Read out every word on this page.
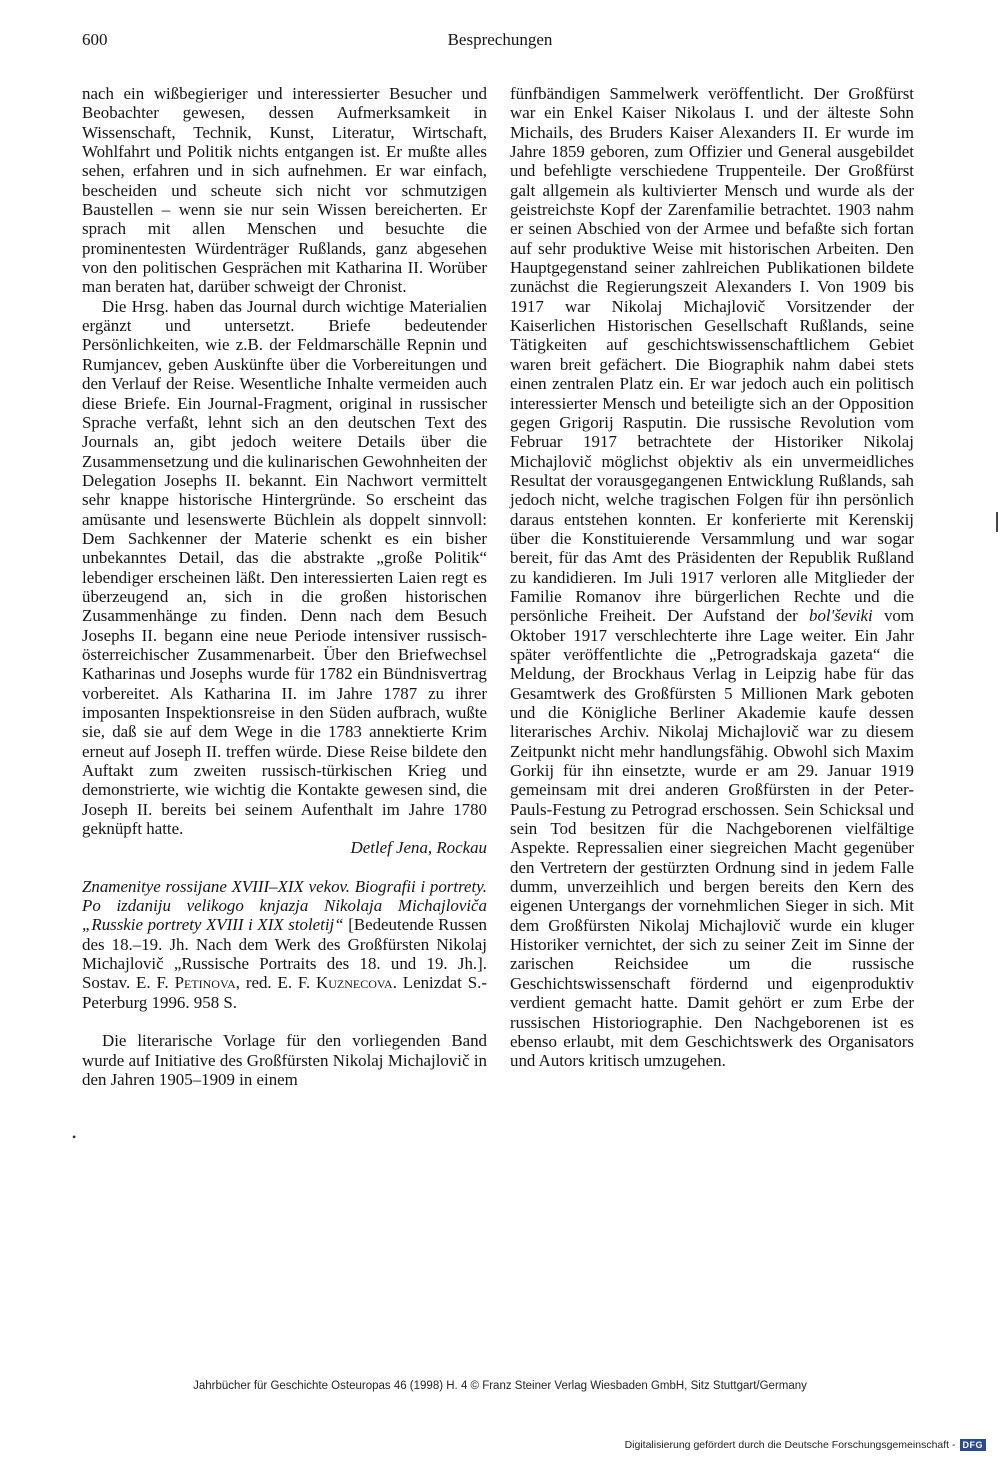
600	Besprechungen

nach ein wißbegieriger und interessierter Besucher und Beobachter gewesen, dessen Aufmerksamkeit in Wissenschaft, Technik, Kunst, Literatur, Wirtschaft, Wohlfahrt und Politik nichts entgangen ist. Er mußte alles sehen, erfahren und in sich aufnehmen. Er war einfach, bescheiden und scheute sich nicht vor schmutzigen Baustellen – wenn sie nur sein Wissen bereicherten. Er sprach mit allen Menschen und besuchte die prominentesten Würdenträger Rußlands, ganz abgesehen von den politischen Gesprächen mit Katharina II. Worüber man beraten hat, darüber schweigt der Chronist.

Die Hrsg. haben das Journal durch wichtige Materialien ergänzt und untersetzt. Briefe bedeutender Persönlichkeiten, wie z.B. der Feldmarschälle Repnin und Rumjancev, geben Auskünfte über die Vorbereitungen und den Verlauf der Reise. Wesentliche Inhalte vermeiden auch diese Briefe. Ein Journal-Fragment, original in russischer Sprache verfaßt, lehnt sich an den deutschen Text des Journals an, gibt jedoch weitere Details über die Zusammensetzung und die kulinarischen Gewohnheiten der Delegation Josephs II. bekannt. Ein Nachwort vermittelt sehr knappe historische Hintergründe. So erscheint das amüsante und lesenswerte Büchlein als doppelt sinnvoll: Dem Sachkenner der Materie schenkt es ein bisher unbekanntes Detail, das die abstrakte „große Politik“ lebendiger erscheinen läßt. Den interessierten Laien regt es überzeugend an, sich in die großen historischen Zusammenhänge zu finden. Denn nach dem Besuch Josephs II. begann eine neue Periode intensiver russisch-österreichischer Zusammenarbeit. Über den Briefwechsel Katharinas und Josephs wurde für 1782 ein Bündnisvertrag vorbereitet. Als Katharina II. im Jahre 1787 zu ihrer imposanten Inspektionsreise in den Süden aufbrach, wußte sie, daß sie auf dem Wege in die 1783 annektierte Krim erneut auf Joseph II. treffen würde. Diese Reise bildete den Auftakt zum zweiten russisch-türkischen Krieg und demonstrierte, wie wichtig die Kontakte gewesen sind, die Joseph II. bereits bei seinem Aufenthalt im Jahre 1780 geknüpft hatte.

Detlef Jena, Rockau

Znamenitye rossijane XVIII–XIX vekov. Biografii i portrety. Po izdaniju velikogo knjazja Nikolaja Michajloviča „Russkie portrety XVIII i XIX stoletij“ [Bedeutende Russen des 18.–19. Jh. Nach dem Werk des Großfürsten Nikolaj Michajlovič „Russische Portraits des 18. und 19. Jh.]. Sostav. E. F. Petinova, red. E. F. Kuznecova. Lenizdat S.-Peterburg 1996. 958 S.

Die literarische Vorlage für den vorliegenden Band wurde auf Initiative des Großfürsten Nikolaj Michajlovič in den Jahren 1905–1909 in einem

fünfbändigen Sammelwerk veröffentlicht. Der Großfürst war ein Enkel Kaiser Nikolaus I. und der älteste Sohn Michails, des Bruders Kaiser Alexanders II. Er wurde im Jahre 1859 geboren, zum Offizier und General ausgebildet und befehligte verschiedene Truppenteile. Der Großfürst galt allgemein als kultivierter Mensch und wurde als der geistreichste Kopf der Zarenfamilie betrachtet. 1903 nahm er seinen Abschied von der Armee und befaßte sich fortan auf sehr produktive Weise mit historischen Arbeiten. Den Hauptgegenstand seiner zahlreichen Publikationen bildete zunächst die Regierungszeit Alexanders I. Von 1909 bis 1917 war Nikolaj Michajlovič Vorsitzender der Kaiserlichen Historischen Gesellschaft Rußlands, seine Tätigkeiten auf geschichtswissenschaftlichem Gebiet waren breit gefächert. Die Biographik nahm dabei stets einen zentralen Platz ein. Er war jedoch auch ein politisch interessierter Mensch und beteiligte sich an der Opposition gegen Grigorij Rasputin. Die russische Revolution vom Februar 1917 betrachtete der Historiker Nikolaj Michajlovič möglichst objektiv als ein unvermeidliches Resultat der vorausgegangenen Entwicklung Rußlands, sah jedoch nicht, welche tragischen Folgen für ihn persönlich daraus entstehen konnten. Er konferierte mit Kerenskij über die Konstituierende Versammlung und war sogar bereit, für das Amt des Präsidenten der Republik Rußland zu kandidieren. Im Juli 1917 verloren alle Mitglieder der Familie Romanov ihre bürgerlichen Rechte und die persönliche Freiheit. Der Aufstand der bol'ševiki vom Oktober 1917 verschlechterte ihre Lage weiter. Ein Jahr später veröffentlichte die „Petrogradskaja gazeta“ die Meldung, der Brockhaus Verlag in Leipzig habe für das Gesamtwerk des Großfürsten 5 Millionen Mark geboten und die Königliche Berliner Akademie kaufe dessen literarisches Archiv. Nikolaj Michajlovič war zu diesem Zeitpunkt nicht mehr handlungsfähig. Obwohl sich Maxim Gorkij für ihn einsetzte, wurde er am 29. Januar 1919 gemeinsam mit drei anderen Großfürsten in der Peter-Pauls-Festung zu Petrograd erschossen. Sein Schicksal und sein Tod besitzen für die Nachgeborenen vielfältige Aspekte. Repressalien einer siegreichen Macht gegenüber den Vertretern der gestürzten Ordnung sind in jedem Falle dumm, unverzeihlich und bergen bereits den Kern des eigenen Untergangs der vornehmlichen Sieger in sich. Mit dem Großfürsten Nikolaj Michajlovič wurde ein kluger Historiker vernichtet, der sich zu seiner Zeit im Sinne der zarischen Reichsidee um die russische Geschichtswissenschaft fördernd und eigenproduktiv verdient gemacht hatte. Damit gehört er zum Erbe der russischen Historiographie. Den Nachgeborenen ist es ebenso erlaubt, mit dem Geschichtswerk des Organisators und Autors kritisch umzugehen.

•
Jahrbücher für Geschichte Osteuropas 46 (1998) H. 4 © Franz Steiner Verlag Wiesbaden GmbH, Sitz Stuttgart/Germany
Digitalisierung gefördert durch die Deutsche Forschungsgemeinschaft - DFG
